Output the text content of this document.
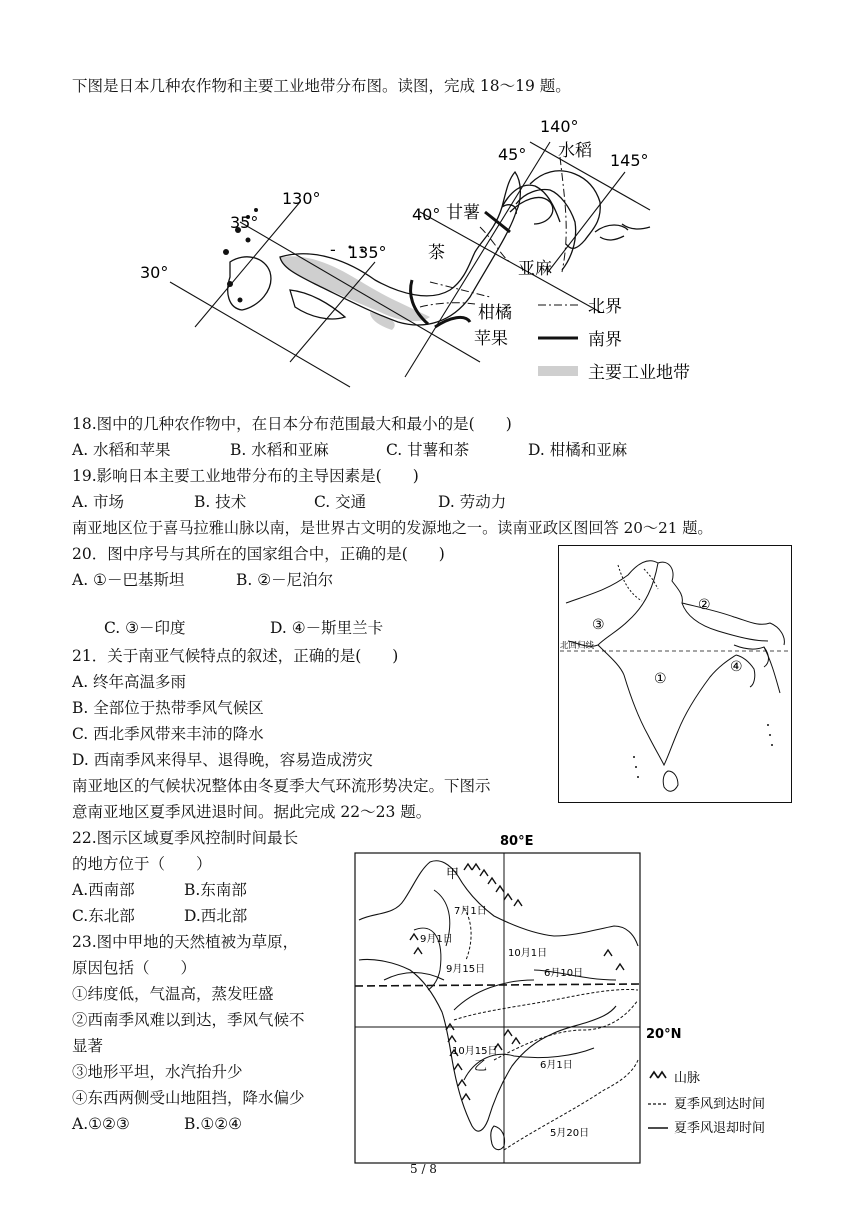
下图是日本几种农作物和主要工业地带分布图。读图，完成 18～19 题。
30°
35°	40°
45°
130°
135°
140°
145°
-
水稻
甘薯
茶
亚麻
柑橘
苹果
北界
南界
主要工业地带
18.图中的几种农作物中，在日本分布范围最大和最小的是(　　)
A. 水稻和苹果	B. 水稻和亚麻	C. 甘薯和茶	D. 柑橘和亚麻
19.影响日本主要工业地带分布的主导因素是(　　)
A. 市场	B. 技术	C. 交通	D. 劳动力
南亚地区位于喜马拉雅山脉以南，是世界古文明的发源地之一。读南亚政区图回答 20～21 题。
20．图中序号与其所在的国家组合中，正确的是(　　)
A. ①－巴基斯坦	B. ②－尼泊尔
C. ③－印度	D. ④－斯里兰卡
北回归线
①
②
③
④
21．关于南亚气候特点的叙述，正确的是(　　)
A. 终年高温多雨
B. 全部位于热带季风气候区
C. 西北季风带来丰沛的降水
D. 西南季风来得早、退得晚，容易造成涝灾
南亚地区的气候状况整体由冬夏季大气环流形势决定。下图示
意南亚地区夏季风进退时间。据此完成 22～23 题。
22.图示区域夏季风控制时间最长
的地方位于（　　）
A.西南部	B.东南部
C.东北部	D.西北部
23.图中甲地的天然植被为草原，
原因包括（　　）
①纬度低，气温高，蒸发旺盛
②西南季风难以到达，季风气候不
显著
③地形平坦，水汽抬升少
④东西两侧受山地阻挡，降水偏少
A.①②③	B.①②④
80°E
20°N
甲
乙
7月1日
9月1日
9月15日
10月1日
6月10日
10月15日
6月1日
5月20日
山脉
夏季风到达时间
夏季风退却时间
5 / 8
